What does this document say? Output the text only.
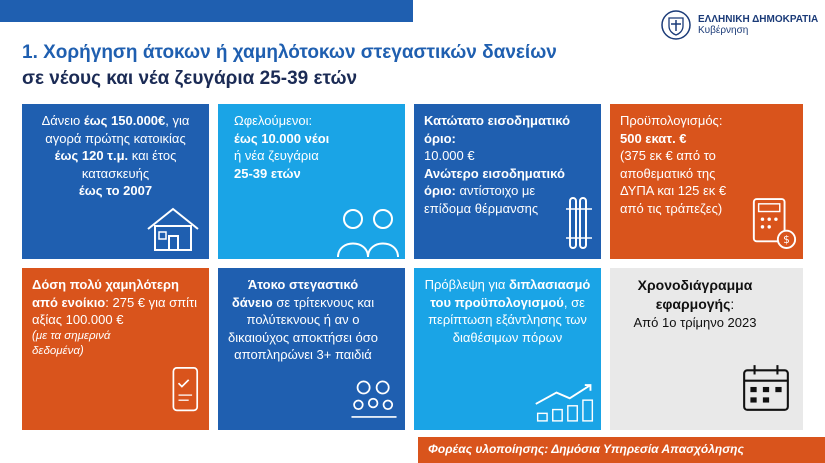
ΕΛΛΗΝΙΚΗ ΔΗΜΟΚΡΑΤΙΑ
Κυβέρνηση
1. Χορήγηση άτοκων ή χαμηλότοκων στεγαστικών δανείων
σε νέους και νέα ζευγάρια 25-39 ετών
Δάνειο έως 150.000€, για αγορά πρώτης κατοικίας έως 120 τ.μ. και έτος κατασκευής
έως το 2007
Ωφελούμενοι:
έως 10.000 νέοι
ή νέα ζευγάρια
25-39 ετών
Κατώτατο εισοδηματικό όριο:
10.000 €
Ανώτερο εισοδηματικό όριο: αντίστοιχο με επίδομα θέρμανσης
Προϋπολογισμός:
500 εκατ. €
(375 εκ € από το αποθεματικό της ΔΥΠΑ και 125 εκ € από τις τράπεζες)
$
Δόση πολύ χαμηλότερη από ενοίκιο: 275 € για σπίτι αξίας 100.000 €
(με τα σημερινά δεδομένα)
Άτοκο στεγαστικό δάνειο σε τρίτεκνους και πολύτεκνους ή αν ο δικαιούχος αποκτήσει όσο αποπληρώνει 3+ παιδιά
Πρόβλεψη για διπλασιασμό του προϋπολογισμού, σε περίπτωση εξάντλησης των διαθέσιμων πόρων
Χρονοδιάγραμμα εφαρμογής:
Από 1ο τρίμηνο 2023
Φορέας υλοποίησης: Δημόσια Υπηρεσία Απασχόλησης
